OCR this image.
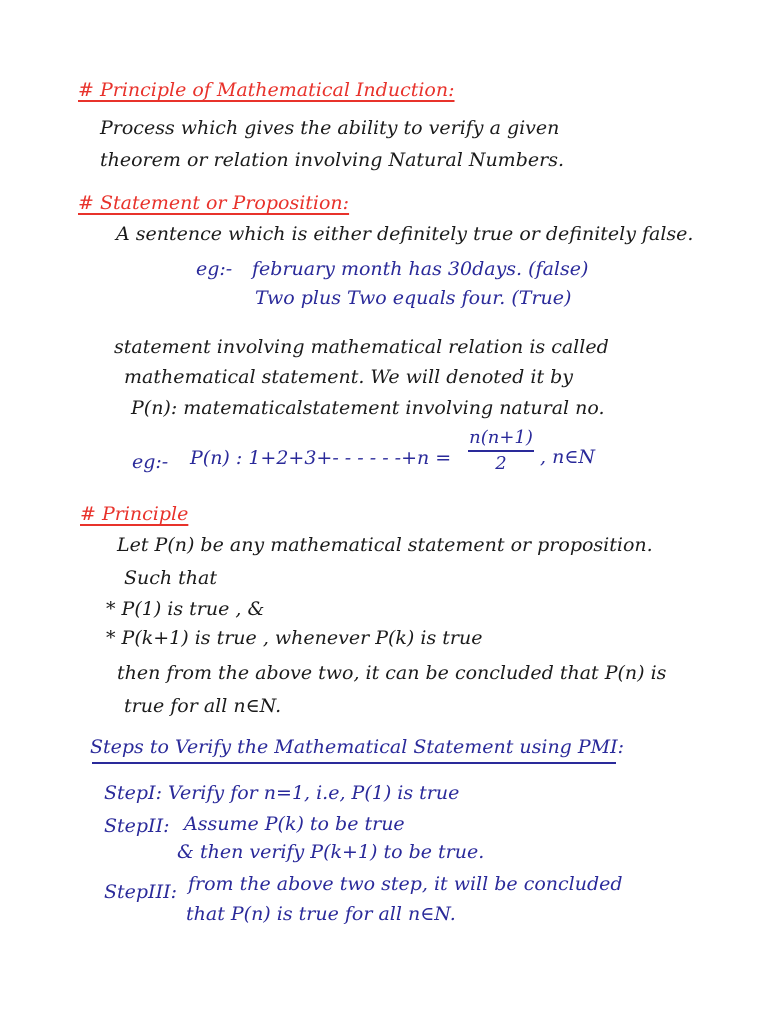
# Principle of Mathematical Induction:
Process which gives the ability to verify a given
theorem or relation involving Natural Numbers.
# Statement or Proposition:
A sentence which is either definitely true or definitely false.
eg:- february month has 30days. (false)
Two plus Two equals four. (True)
statement involving mathematical relation is called
mathematical statement. We will denoted it by
P(n): matematicalstatement involving natural no.
eg:- P(n) : 1+2+3+- - - - - -+n =
n(n+1)
2 , n∈N
# Principle
Let P(n) be any mathematical statement or proposition.
Such that
* P(1) is true , &
* P(k+1) is true , whenever P(k) is true
then from the above two, it can be concluded that P(n) is
true for all n∈N.
Steps to Verify the Mathematical Statement using PMI:
StepI: Verify for n=1, i.e, P(1) is true
StepII: Assume P(k) to be true
& then verify P(k+1) to be true.
StepIII: from the above two step, it will be concluded
that P(n) is true for all n∈N.
